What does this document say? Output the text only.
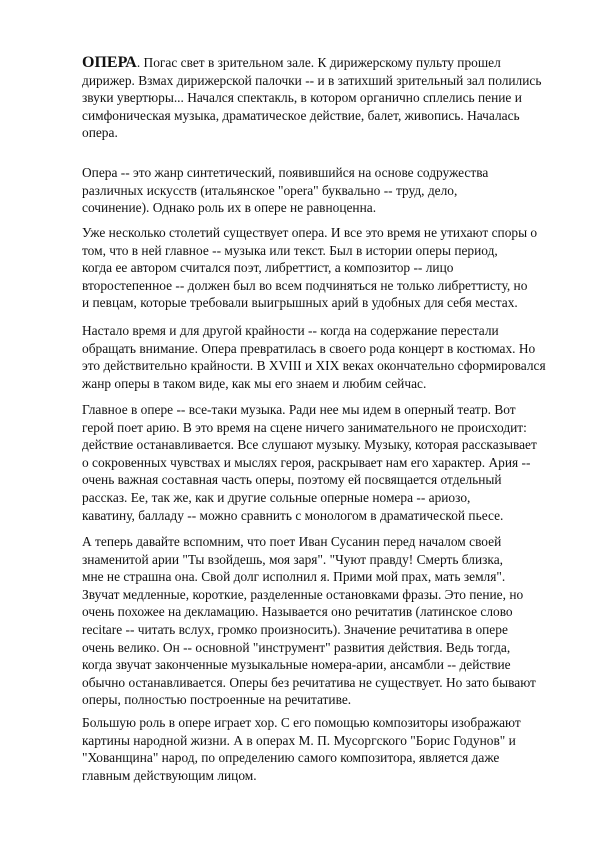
ОПЕРА. Погас свет в зрительном зале. К дирижерскому пульту прошел
дирижер. Взмах дирижерской палочки -- и в затихший зрительный зал полились
звуки увертюры... Начался спектакль, в котором органично сплелись пение и
симфоническая музыка, драматическое действие, балет, живопись. Началась
опера.

Опера -- это жанр синтетический, появившийся на основе содружества
различных искусств (итальянское "opera" буквально -- труд, дело,
сочинение). Однако роль их в опере не равноценна.

Уже несколько столетий существует опера. И все это время не утихают споры о
том, что в ней главное -- музыка или текст. Был в истории оперы период,
когда ее автором считался поэт, либреттист, а композитор -- лицо
второстепенное -- должен был во всем подчиняться не только либреттисту, но
и певцам, которые требовали выигрышных арий в удобных для себя местах.

Настало время и для другой крайности -- когда на содержание перестали
обращать внимание. Опера превратилась в своего рода концерт в костюмах. Но
это действительно крайности. В XVIII и XIX веках окончательно сформировался
жанр оперы в таком виде, как мы его знаем и любим сейчас.

Главное в опере -- все-таки музыка. Ради нее мы идем в оперный театр. Вот
герой поет арию. В это время на сцене ничего занимательного не происходит:
действие останавливается. Все слушают музыку. Музыку, которая рассказывает
о сокровенных чувствах и мыслях героя, раскрывает нам его характер. Ария --
очень важная составная часть оперы, поэтому ей посвящается отдельный
рассказ. Ее, так же, как и другие сольные оперные номера -- ариозо,
каватину, балладу -- можно сравнить с монологом в драматической пьесе.

А теперь давайте вспомним, что поет Иван Сусанин перед началом своей
знаменитой арии "Ты взойдешь, моя заря". "Чуют правду! Смерть близка,
мне не страшна она. Свой долг исполнил я. Прими мой прах, мать земля".
Звучат медленные, короткие, разделенные остановками фразы. Это пение, но
очень похожее на декламацию. Называется оно речитатив (латинское слово
recitare -- читать вслух, громко произносить). Значение речитатива в опере
очень велико. Он -- основной "инструмент" развития действия. Ведь тогда,
когда звучат законченные музыкальные номера-арии, ансамбли -- действие
обычно останавливается. Оперы без речитатива не существует. Но зато бывают
оперы, полностью построенные на речитативе.

Большую роль в опере играет хор. С его помощью композиторы изображают
картины народной жизни. А в операх М. П. Мусоргского "Борис Годунов" и
"Хованщина" народ, по определению самого композитора, является даже
главным действующим лицом.
